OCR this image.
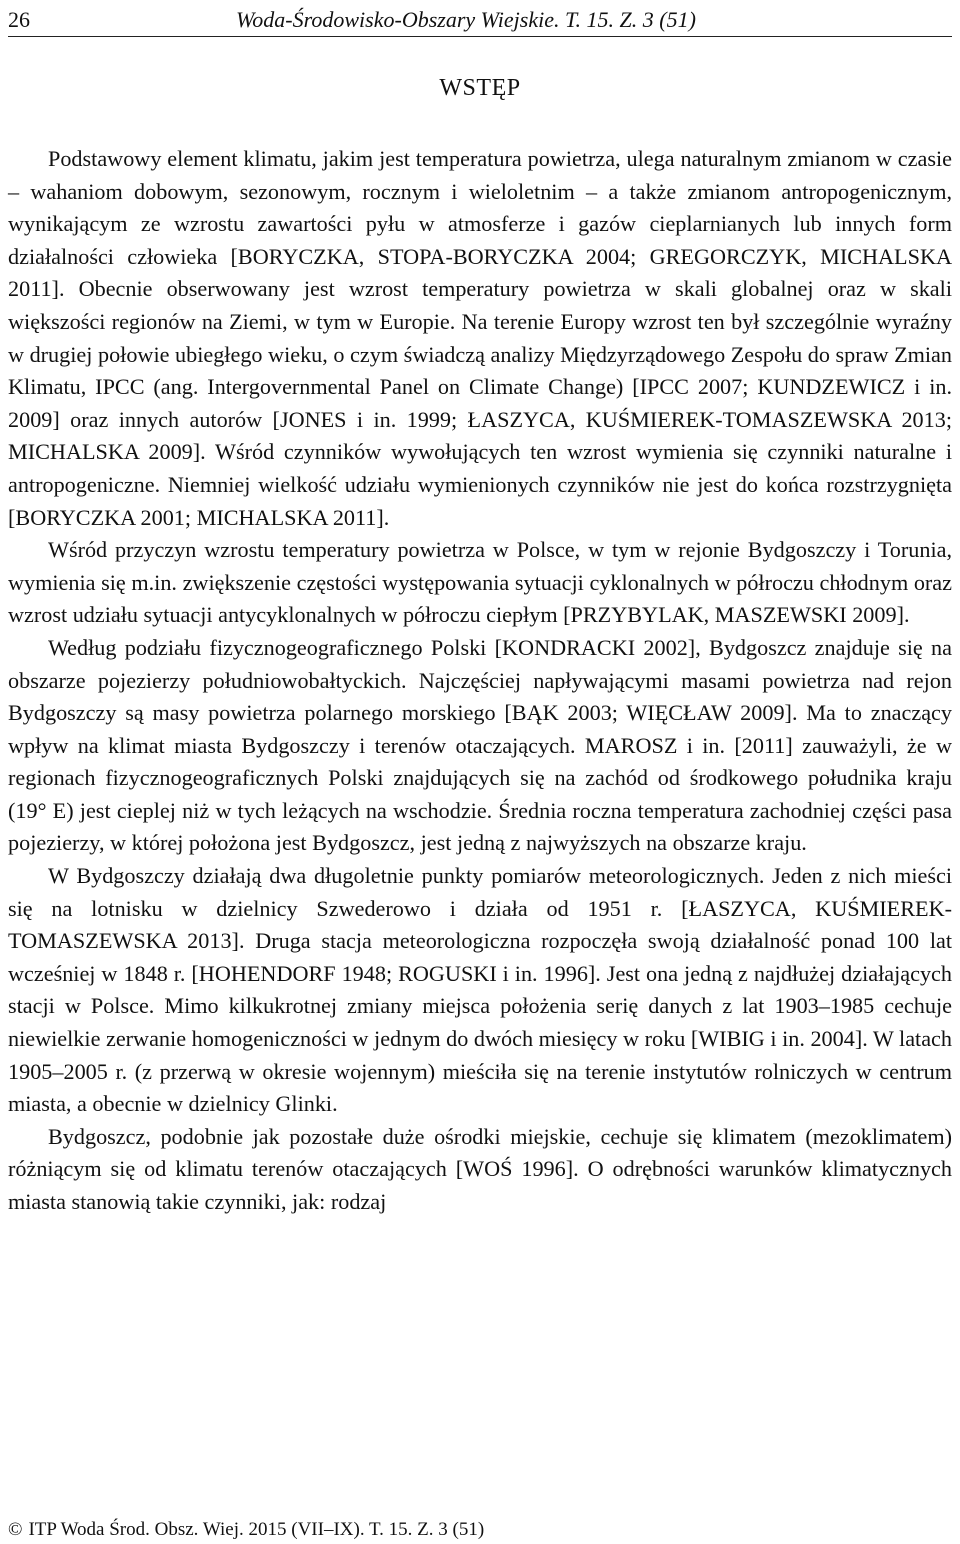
26	Woda-Środowisko-Obszary Wiejskie. T. 15. Z. 3 (51)
WSTĘP

Podstawowy element klimatu, jakim jest temperatura powietrza, ulega naturalnym zmianom w czasie – wahaniom dobowym, sezonowym, rocznym i wieloletnim – a także zmianom antropogenicznym, wynikającym ze wzrostu zawartości pyłu w atmosferze i gazów cieplarnianych lub innych form działalności człowieka [BORYCZKA, STOPA-BORYCZKA 2004; GREGORCZYK, MICHALSKA 2011]. Obecnie obserwowany jest wzrost temperatury powietrza w skali globalnej oraz w skali większości regionów na Ziemi, w tym w Europie. Na terenie Europy wzrost ten był szczególnie wyraźny w drugiej połowie ubiegłego wieku, o czym świadczą analizy Międzyrządowego Zespołu do spraw Zmian Klimatu, IPCC (ang. Intergovernmental Panel on Climate Change) [IPCC 2007; KUNDZEWICZ i in. 2009] oraz innych autorów [JONES i in. 1999; ŁASZYCA, KUŚMIEREK-TOMASZEWSKA 2013; MICHALSKA 2009]. Wśród czynników wywołujących ten wzrost wymienia się czynniki naturalne i antropogeniczne. Niemniej wielkość udziału wymienionych czynników nie jest do końca rozstrzygnięta [BORYCZKA 2001; MICHALSKA 2011].

Wśród przyczyn wzrostu temperatury powietrza w Polsce, w tym w rejonie Bydgoszczy i Torunia, wymienia się m.in. zwiększenie częstości występowania sytuacji cyklonalnych w półroczu chłodnym oraz wzrost udziału sytuacji antycyklonalnych w półroczu ciepłym [PRZYBYLAK, MASZEWSKI 2009].

Według podziału fizycznogeograficznego Polski [KONDRACKI 2002], Bydgoszcz znajduje się na obszarze pojezierzy południowobałtyckich. Najczęściej napływającymi masami powietrza nad rejon Bydgoszczy są masy powietrza polarnego morskiego [BĄK 2003; WIĘCŁAW 2009]. Ma to znaczący wpływ na klimat miasta Bydgoszczy i terenów otaczających. MAROSZ i in. [2011] zauważyli, że w regionach fizycznogeograficznych Polski znajdujących się na zachód od środkowego południka kraju (19° E) jest cieplej niż w tych leżących na wschodzie. Średnia roczna temperatura zachodniej części pasa pojezierzy, w której położona jest Bydgoszcz, jest jedną z najwyższych na obszarze kraju.

W Bydgoszczy działają dwa długoletnie punkty pomiarów meteorologicznych. Jeden z nich mieści się na lotnisku w dzielnicy Szwederowo i działa od 1951 r. [ŁASZYCA, KUŚMIEREK-TOMASZEWSKA 2013]. Druga stacja meteorologiczna rozpoczęła swoją działalność ponad 100 lat wcześniej w 1848 r. [HOHENDORF 1948; ROGUSKI i in. 1996]. Jest ona jedną z najdłużej działających stacji w Polsce. Mimo kilkukrotnej zmiany miejsca położenia serię danych z lat 1903–1985 cechuje niewielkie zerwanie homogeniczności w jednym do dwóch miesięcy w roku [WIBIG i in. 2004]. W latach 1905–2005 r. (z przerwą w okresie wojennym) mieściła się na terenie instytutów rolniczych w centrum miasta, a obecnie w dzielnicy Glinki.

Bydgoszcz, podobnie jak pozostałe duże ośrodki miejskie, cechuje się klimatem (mezoklimatem) różniącym się od klimatu terenów otaczających [WOŚ 1996]. O odrębności warunków klimatycznych miasta stanowią takie czynniki, jak: rodzaj

© ITP Woda Środ. Obsz. Wiej. 2015 (VII–IX). T. 15. Z. 3 (51)
